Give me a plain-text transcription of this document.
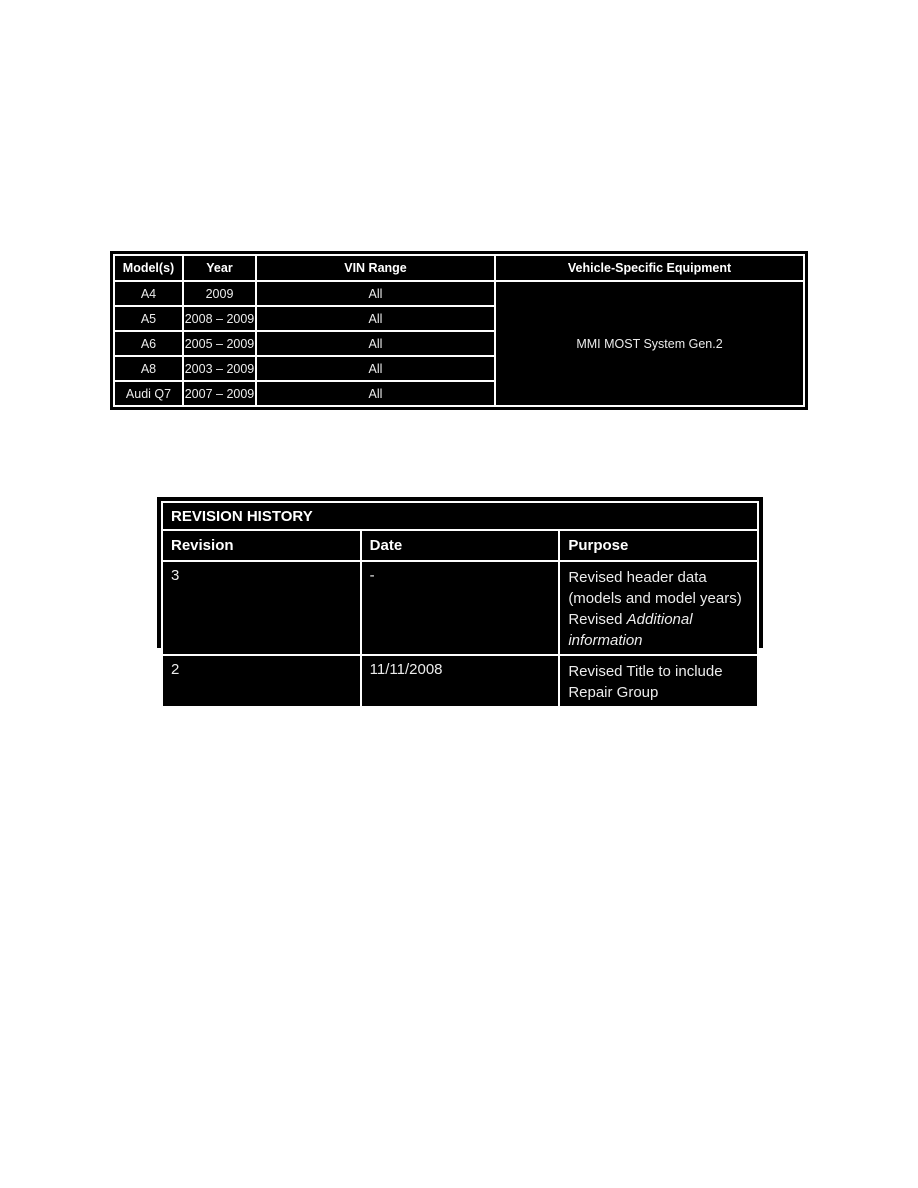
Model(s)	Year	VIN Range	Vehicle-Specific Equipment
A4	2009	All	MMI MOST System Gen.2
A5	2008 – 2009	All	
A6	2005 – 2009	All	
A8	2003 – 2009	All	
Audi Q7	2007 – 2009	All	
REVISION HISTORY		
Revision	Date	Purpose
3	-	Revised header data (models and model years)
Revised Additional information

2	11/11/2008	Revised Title to include Repair Group
